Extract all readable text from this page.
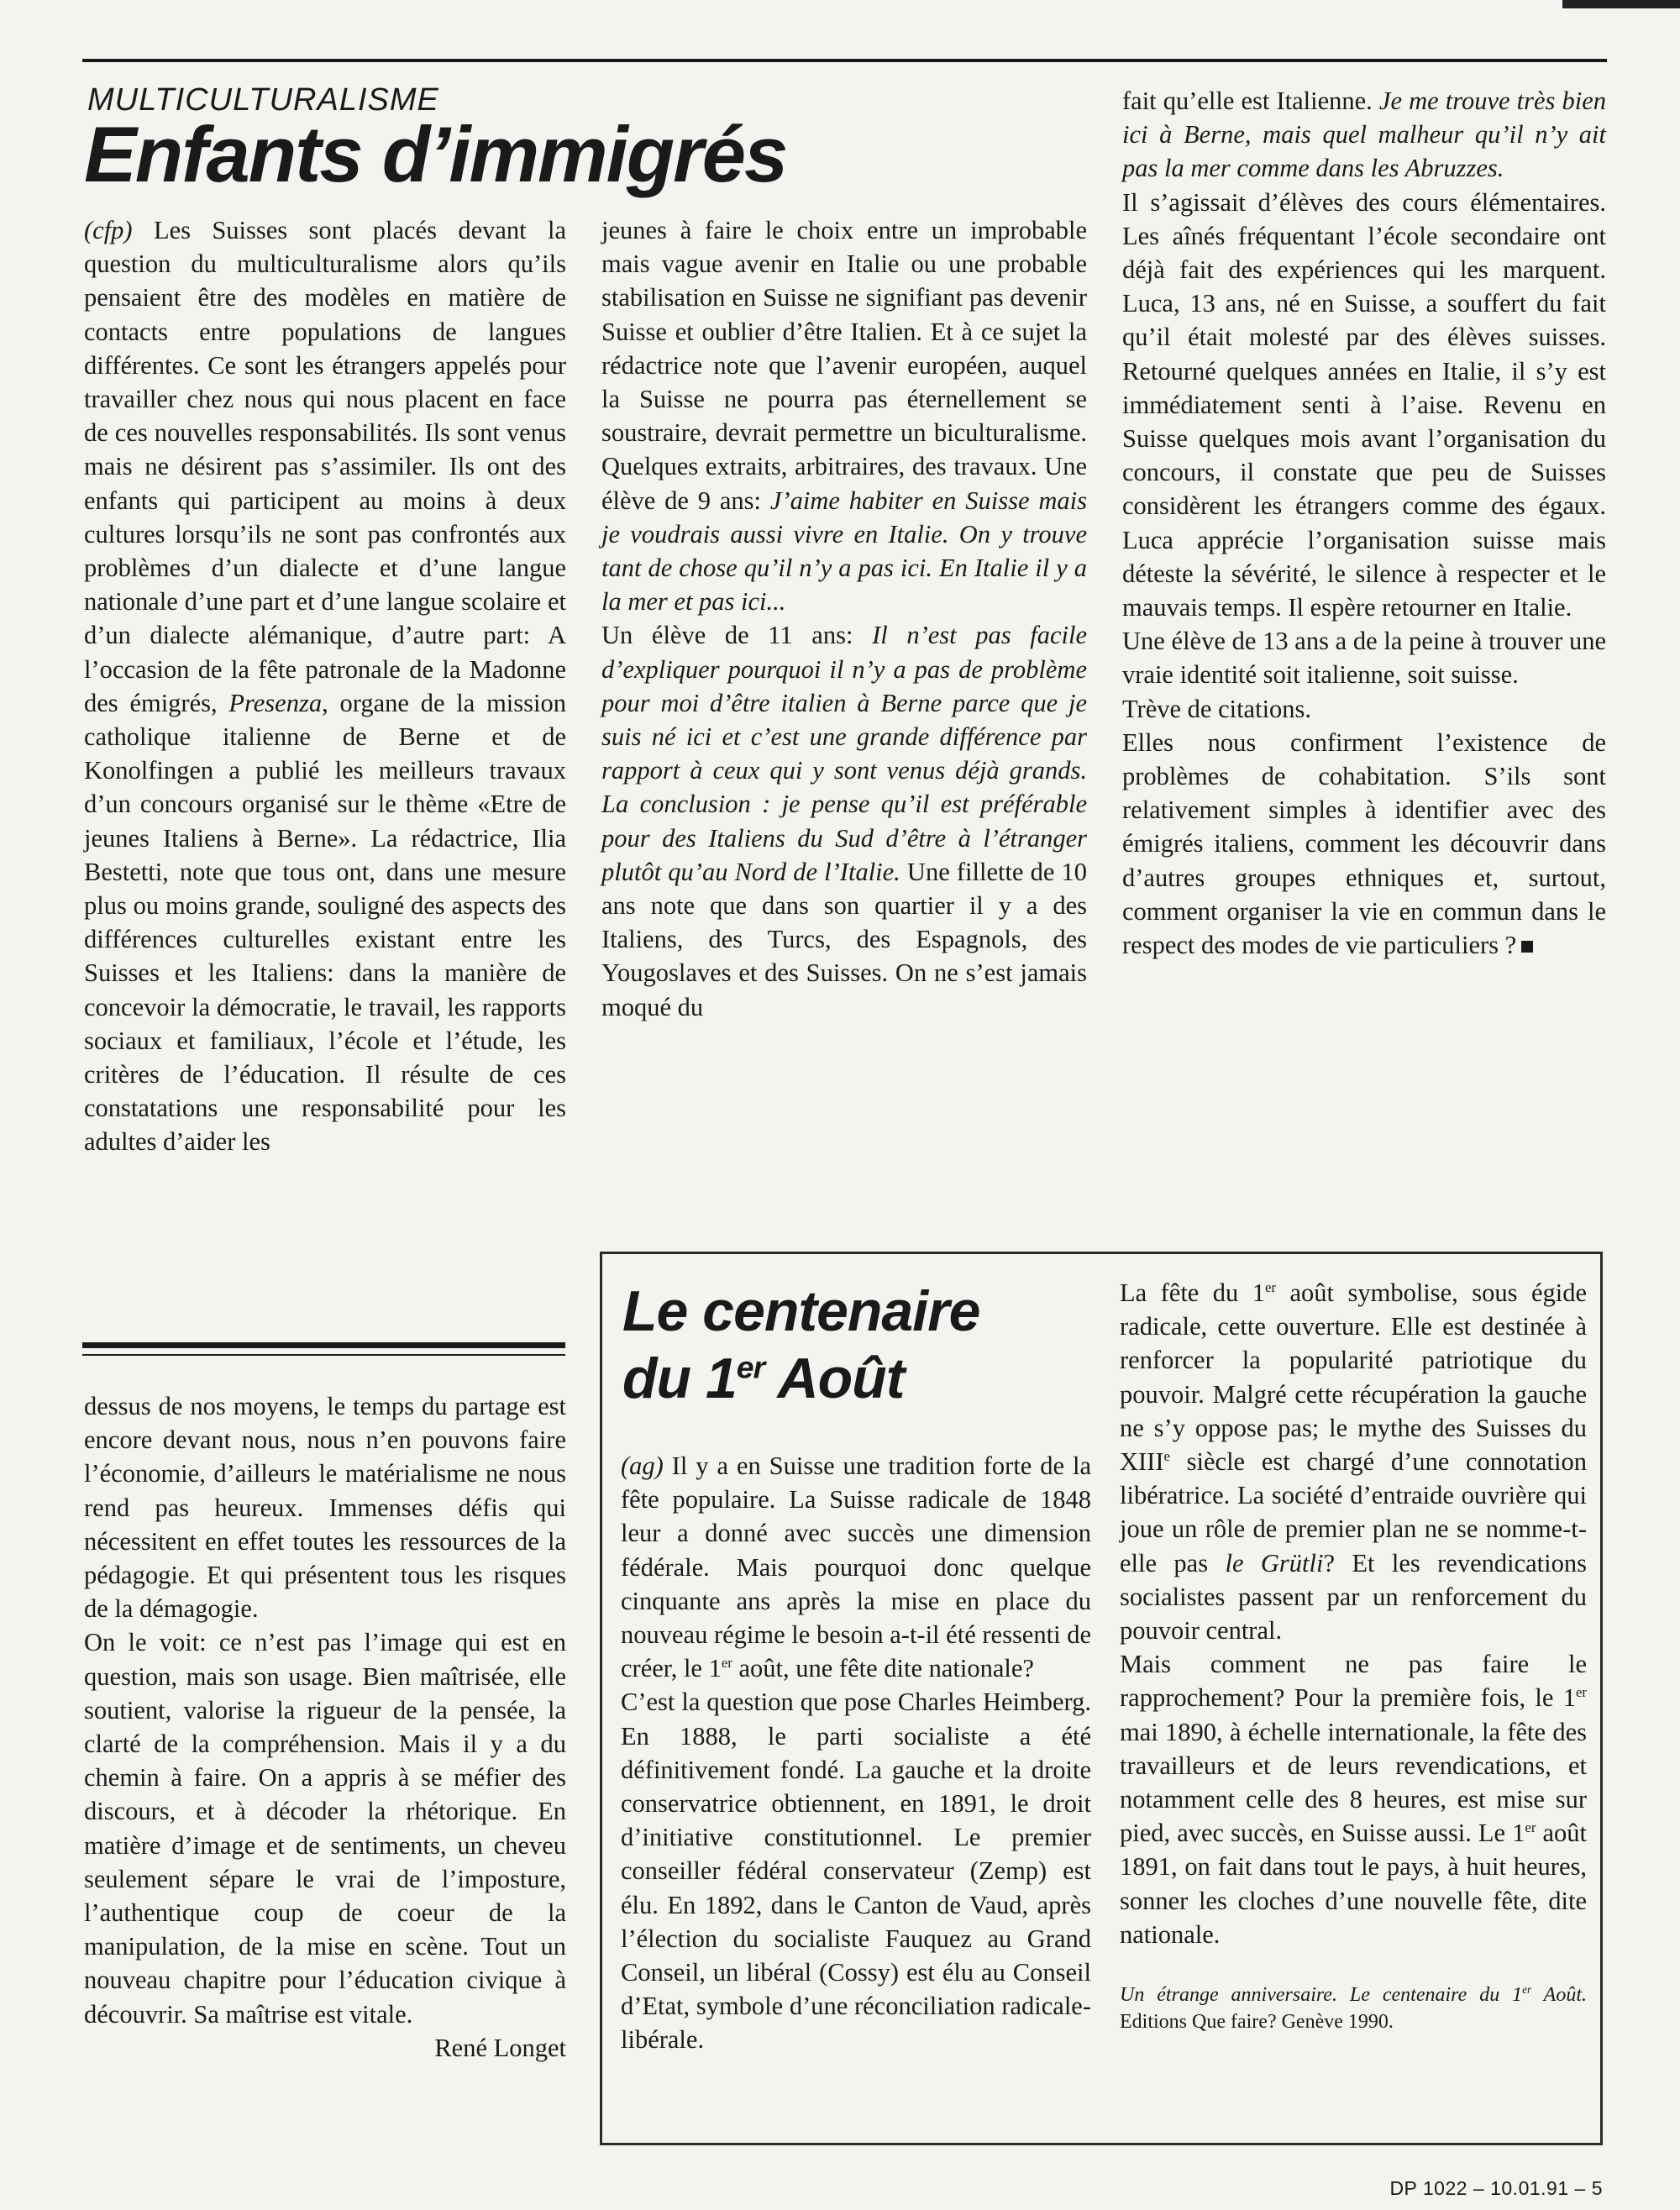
MULTICULTURALISME
Enfants d’immigrés

(cfp) Les Suisses sont placés devant la question du multiculturalisme alors qu’ils pensaient être des modèles en matière de contacts entre populations de langues différentes. Ce sont les étrangers appelés pour travailler chez nous qui nous placent en face de ces nouvelles responsabilités. Ils sont venus mais ne désirent pas s’assimiler. Ils ont des enfants qui participent au moins à deux cultures lorsqu’ils ne sont pas confrontés aux problèmes d’un dialecte et d’une langue nationale d’une part et d’une langue scolaire et d’un dialecte alémanique, d’autre part: A l’occasion de la fête patronale de la Madonne des émigrés, Presenza, organe de la mission catholique italienne de Berne et de Konolfingen a publié les meilleurs travaux d’un concours organisé sur le thème «Etre de jeunes Italiens à Berne». La rédactrice, Ilia Bestetti, note que tous ont, dans une mesure plus ou moins grande, souligné des aspects des différences culturelles existant entre les Suisses et les Italiens: dans la manière de concevoir la démocratie, le travail, les rapports sociaux et familiaux, l’école et l’étude, les critères de l’éducation. Il résulte de ces constatations une responsabilité pour les adultes d’aider les

jeunes à faire le choix entre un improbable mais vague avenir en Italie ou une probable stabilisation en Suisse ne signifiant pas devenir Suisse et oublier d’être Italien. Et à ce sujet la rédactrice note que l’avenir européen, auquel la Suisse ne pourra pas éternellement se soustraire, devrait permettre un biculturalisme. Quelques extraits, arbitraires, des travaux. Une élève de 9 ans: J’aime habiter en Suisse mais je voudrais aussi vivre en Italie. On y trouve tant de chose qu’il n’y a pas ici. En Italie il y a la mer et pas ici...

Un élève de 11 ans: Il n’est pas facile d’expliquer pourquoi il n’y a pas de problème pour moi d’être italien à Berne parce que je suis né ici et c’est une grande différence par rapport à ceux qui y sont venus déjà grands. La conclusion : je pense qu’il est préférable pour des Italiens du Sud d’être à l’étranger plutôt qu’au Nord de l’Italie. Une fillette de 10 ans note que dans son quartier il y a des Italiens, des Turcs, des Espagnols, des Yougoslaves et des Suisses. On ne s’est jamais moqué du

fait qu’elle est Italienne. Je me trouve très bien ici à Berne, mais quel malheur qu’il n’y ait pas la mer comme dans les Abruzzes.

Il s’agissait d’élèves des cours élémentaires. Les aînés fréquentant l’école secondaire ont déjà fait des expériences qui les marquent. Luca, 13 ans, né en Suisse, a souffert du fait qu’il était molesté par des élèves suisses. Retourné quelques années en Italie, il s’y est immédiatement senti à l’aise. Revenu en Suisse quelques mois avant l’organisation du concours, il constate que peu de Suisses considèrent les étrangers comme des égaux. Luca apprécie l’organisation suisse mais déteste la sévérité, le silence à respecter et le mauvais temps. Il espère retourner en Italie.

Une élève de 13 ans a de la peine à trouver une vraie identité soit italienne, soit suisse.

Trève de citations.

Elles nous confirment l’existence de problèmes de cohabitation. S’ils sont relativement simples à identifier avec des émigrés italiens, comment les découvrir dans d’autres groupes ethniques et, surtout, comment organiser la vie en commun dans le respect des modes de vie particuliers ?

dessus de nos moyens, le temps du partage est encore devant nous, nous n’en pouvons faire l’économie, d’ailleurs le matérialisme ne nous rend pas heureux. Immenses défis qui nécessitent en effet toutes les ressources de la pédagogie. Et qui présentent tous les risques de la démagogie.

On le voit: ce n’est pas l’image qui est en question, mais son usage. Bien maîtrisée, elle soutient, valorise la rigueur de la pensée, la clarté de la compréhension. Mais il y a du chemin à faire. On a appris à se méfier des discours, et à décoder la rhétorique. En matière d’image et de sentiments, un cheveu seulement sépare le vrai de l’imposture, l’authentique coup de coeur de la manipulation, de la mise en scène. Tout un nouveau chapitre pour l’éducation civique à découvrir. Sa maîtrise est vitale.

René Longet

Le centenaire
du 1er Août

(ag) Il y a en Suisse une tradition forte de la fête populaire. La Suisse radicale de 1848 leur a donné avec succès une dimension fédérale. Mais pourquoi donc quelque cinquante ans après la mise en place du nouveau régime le besoin a-t-il été ressenti de créer, le 1er août, une fête dite nationale?

C’est la question que pose Charles Heimberg. En 1888, le parti socialiste a été définitivement fondé. La gauche et la droite conservatrice obtiennent, en 1891, le droit d’initiative constitutionnel. Le premier conseiller fédéral conservateur (Zemp) est élu. En 1892, dans le Canton de Vaud, après l’élection du socialiste Fauquez au Grand Conseil, un libéral (Cossy) est élu au Conseil d’Etat, symbole d’une réconciliation radicale-libérale.

La fête du 1er août symbolise, sous égide radicale, cette ouverture. Elle est destinée à renforcer la popularité patriotique du pouvoir. Malgré cette récupération la gauche ne s’y oppose pas; le mythe des Suisses du XIIIe siècle est chargé d’une connotation libératrice. La société d’entraide ouvrière qui joue un rôle de premier plan ne se nomme-t-elle pas le Grütli? Et les revendications socialistes passent par un renforcement du pouvoir central.

Mais comment ne pas faire le rapprochement? Pour la première fois, le 1er mai 1890, à échelle internationale, la fête des travailleurs et de leurs revendications, et notamment celle des 8 heures, est mise sur pied, avec succès, en Suisse aussi. Le 1er août 1891, on fait dans tout le pays, à huit heures, sonner les cloches d’une nouvelle fête, dite nationale.

Un étrange anniversaire. Le centenaire du 1er Août. Editions Que faire? Genève 1990.

DP 1022 – 10.01.91 – 5
